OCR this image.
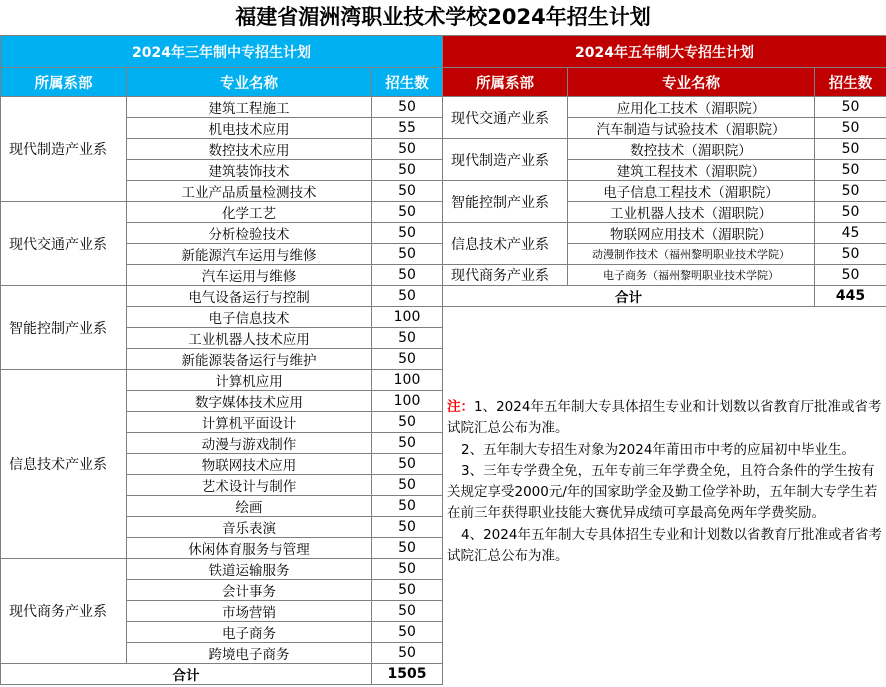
福建省湄洲湾职业技术学校2024年招生计划
2024年三年制中专招生计划		
所属系部	专业名称	招生数
现代制造产业系	建筑工程施工	50
	机电技术应用	55
	数控技术应用	50
	建筑装饰技术	50
	工业产品质量检测技术	50
现代交通产业系	化学工艺	50
	分析检验技术	50
	新能源汽车运用与维修	50
	汽车运用与维修	50
智能控制产业系	电气设备运行与控制	50
	电子信息技术	100
	工业机器人技术应用	50
	新能源装备运行与维护	50
信息技术产业系	计算机应用	100
	数字媒体技术应用	100
	计算机平面设计	50
	动漫与游戏制作	50
	物联网技术应用	50
	艺术设计与制作	50
	绘画	50
	音乐表演	50
	休闲体育服务与管理	50
现代商务产业系	铁道运输服务	50
	会计事务	50
	市场营销	50
	电子商务	50
	跨境电子商务	50
合计		1505
2024年五年制大专招生计划		
所属系部	专业名称	招生数
现代交通产业系	应用化工技术（湄职院）	50
	汽车制造与试验技术（湄职院）	50
现代制造产业系	数控技术（湄职院）	50
	建筑工程技术（湄职院）	50
智能控制产业系	电子信息工程技术（湄职院）	50
	工业机器人技术（湄职院）	50
信息技术产业系	物联网应用技术（湄职院）	45
	动漫制作技术（福州黎明职业技术学院）	50
现代商务产业系	电子商务（福州黎明职业技术学院）	50
合计		445

注：1、2024年五年制大专具体招生专业和计划数以省教育厅批准或省考试院汇总公布为准。

2、五年制大专招生对象为2024年莆田市中考的应届初中毕业生。

3、三年专学费全免，五年专前三年学费全免，且符合条件的学生按有关规定享受2000元/年的国家助学金及勤工俭学补助，五年制大专学生若在前三年获得职业技能大赛优异成绩可享最高免两年学费奖励。

4、2024年五年制大专具体招生专业和计划数以省教育厅批准或者省考试院汇总公布为准。
